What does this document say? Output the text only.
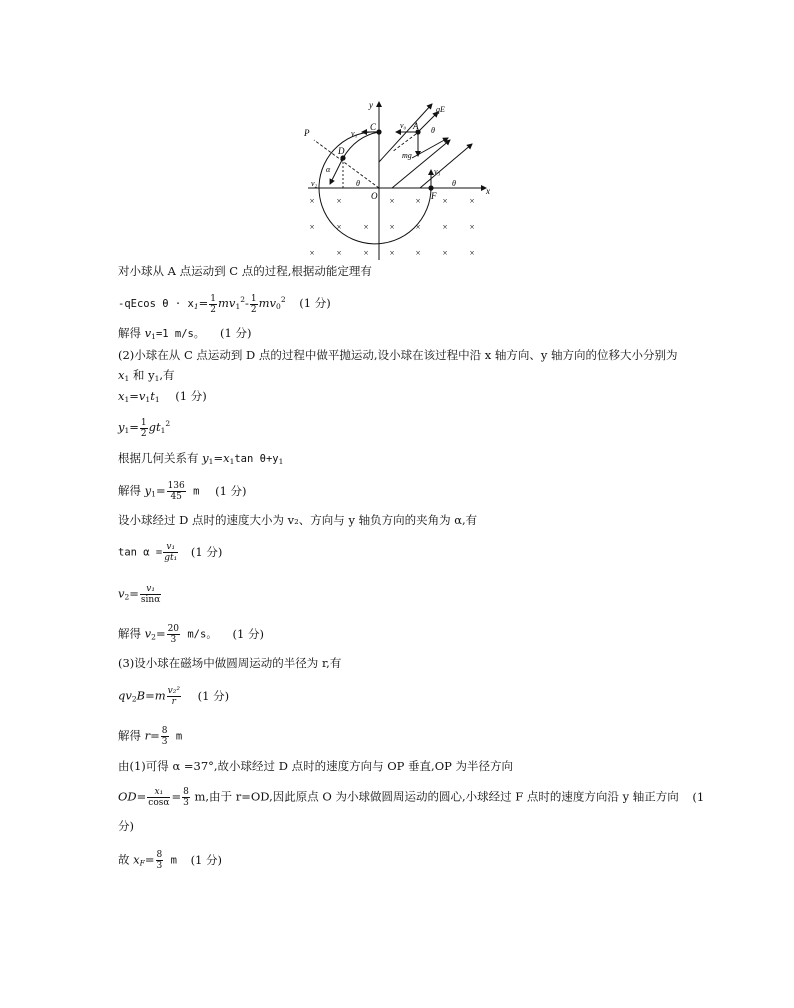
x
y
O
P
C	A
D
F
v₀
v₁
v₂
v₃
qE
mg
θ
θ	θ
α
× ×	× × × ×
× × × × × × ×
× × × × × × ×
对小球从 A 点运动到 C 点的过程,根据动能定理有
-qEcos $\theta \cdot x_1= \frac{1}{2} mv_1^2- \frac{1}{2} mv_0^2$ (1 分)
解得 $v_1=1$ m/s。 (1 分)
(2)小球在从 C 点运动到 D 点的过程中做平抛运动,设小球在该过程中沿 x 轴方向、y 轴方向的位移大小分别为
$x_1$ 和 $y_1$,有
$x_1=v_1t_1$ (1 分)
$y_1= \frac{1}{2} gt_1^2$
根据几何关系有 $y_1=x_1\tan$ $\theta+y_1$
解得 $y_1= \frac{136}{45}$ m (1 分)
设小球经过 D 点时的速度大小为 v₂、方向与 y 轴负方向的夹角为 α,有
$\tan \alpha = \frac{\text{v₁}}{\text{gt₁}} (1$ 分)
$v_2= \frac{\text{v₁}}{\sin\alpha}$
解得 $v_2= \frac{20}{3} m/s$。 (1 分)
(3)设小球在磁场中做圆周运动的半径为 r,有
$qv_2B=m \frac{\text{v₂²}}{r} (1$ 分)
解得 $r= \frac{8}{3}$ m
由(1)可得 α =37°,故小球经过 D 点时的速度方向与 OP 垂直,OP 为半径方向
$OD= \frac{\text{x₁}}{\cos\alpha} = \frac{8}{3} m$,由于 r=OD,因此原点 O 为小球做圆周运动的圆心,小球经过 F 点时的速度方向沿 y 轴正方向 (1
分)
故 $x_F= \frac{8}{3}$ m (1 分)
